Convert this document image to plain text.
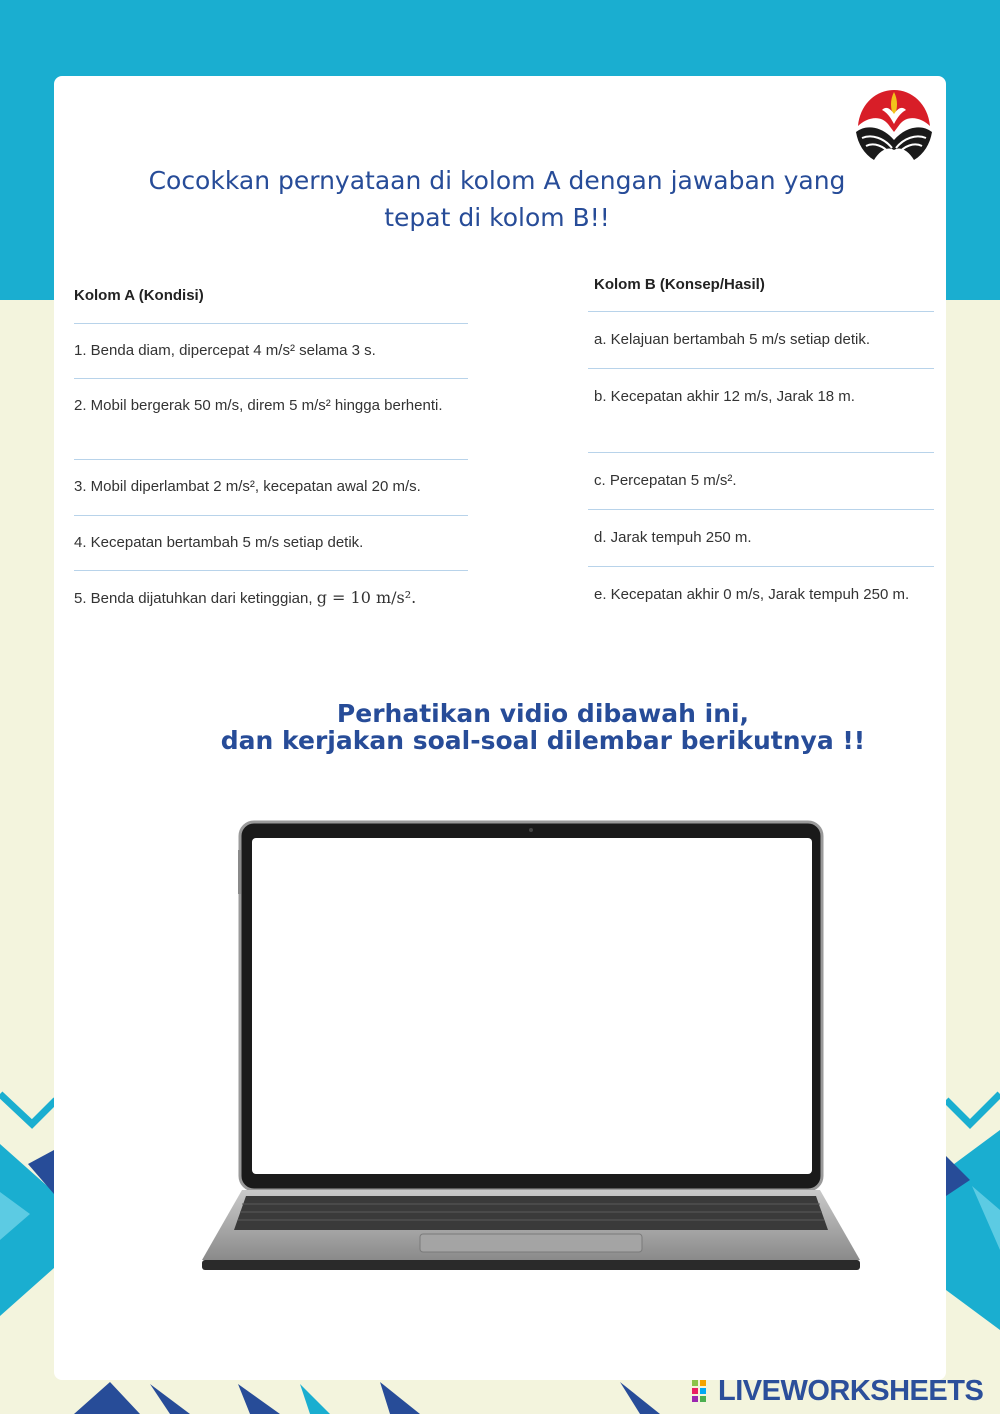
Cocokkan pernyataan di kolom A dengan jawaban yang tepat di kolom B!!
Kolom A (Kondisi)
1. Benda diam, dipercepat 4 m/s² selama 3 s.
2. Mobil bergerak 50 m/s, direm 5 m/s² hingga berhenti.
3. Mobil diperlambat 2 m/s², kecepatan awal 20 m/s.
4. Kecepatan bertambah 5 m/s setiap detik.
5. Benda dijatuhkan dari ketinggian, g = 10 m/s².
Kolom B (Konsep/Hasil)
a. Kelajuan bertambah 5 m/s setiap detik.
b. Kecepatan akhir 12 m/s, Jarak 18 m.
c. Percepatan 5 m/s².
d. Jarak tempuh 250 m.
e. Kecepatan akhir 0 m/s, Jarak tempuh 250 m.
Perhatikan vidio dibawah ini,
dan kerjakan soal-soal dilembar berikutnya !!
LIVEWORKSHEETS
